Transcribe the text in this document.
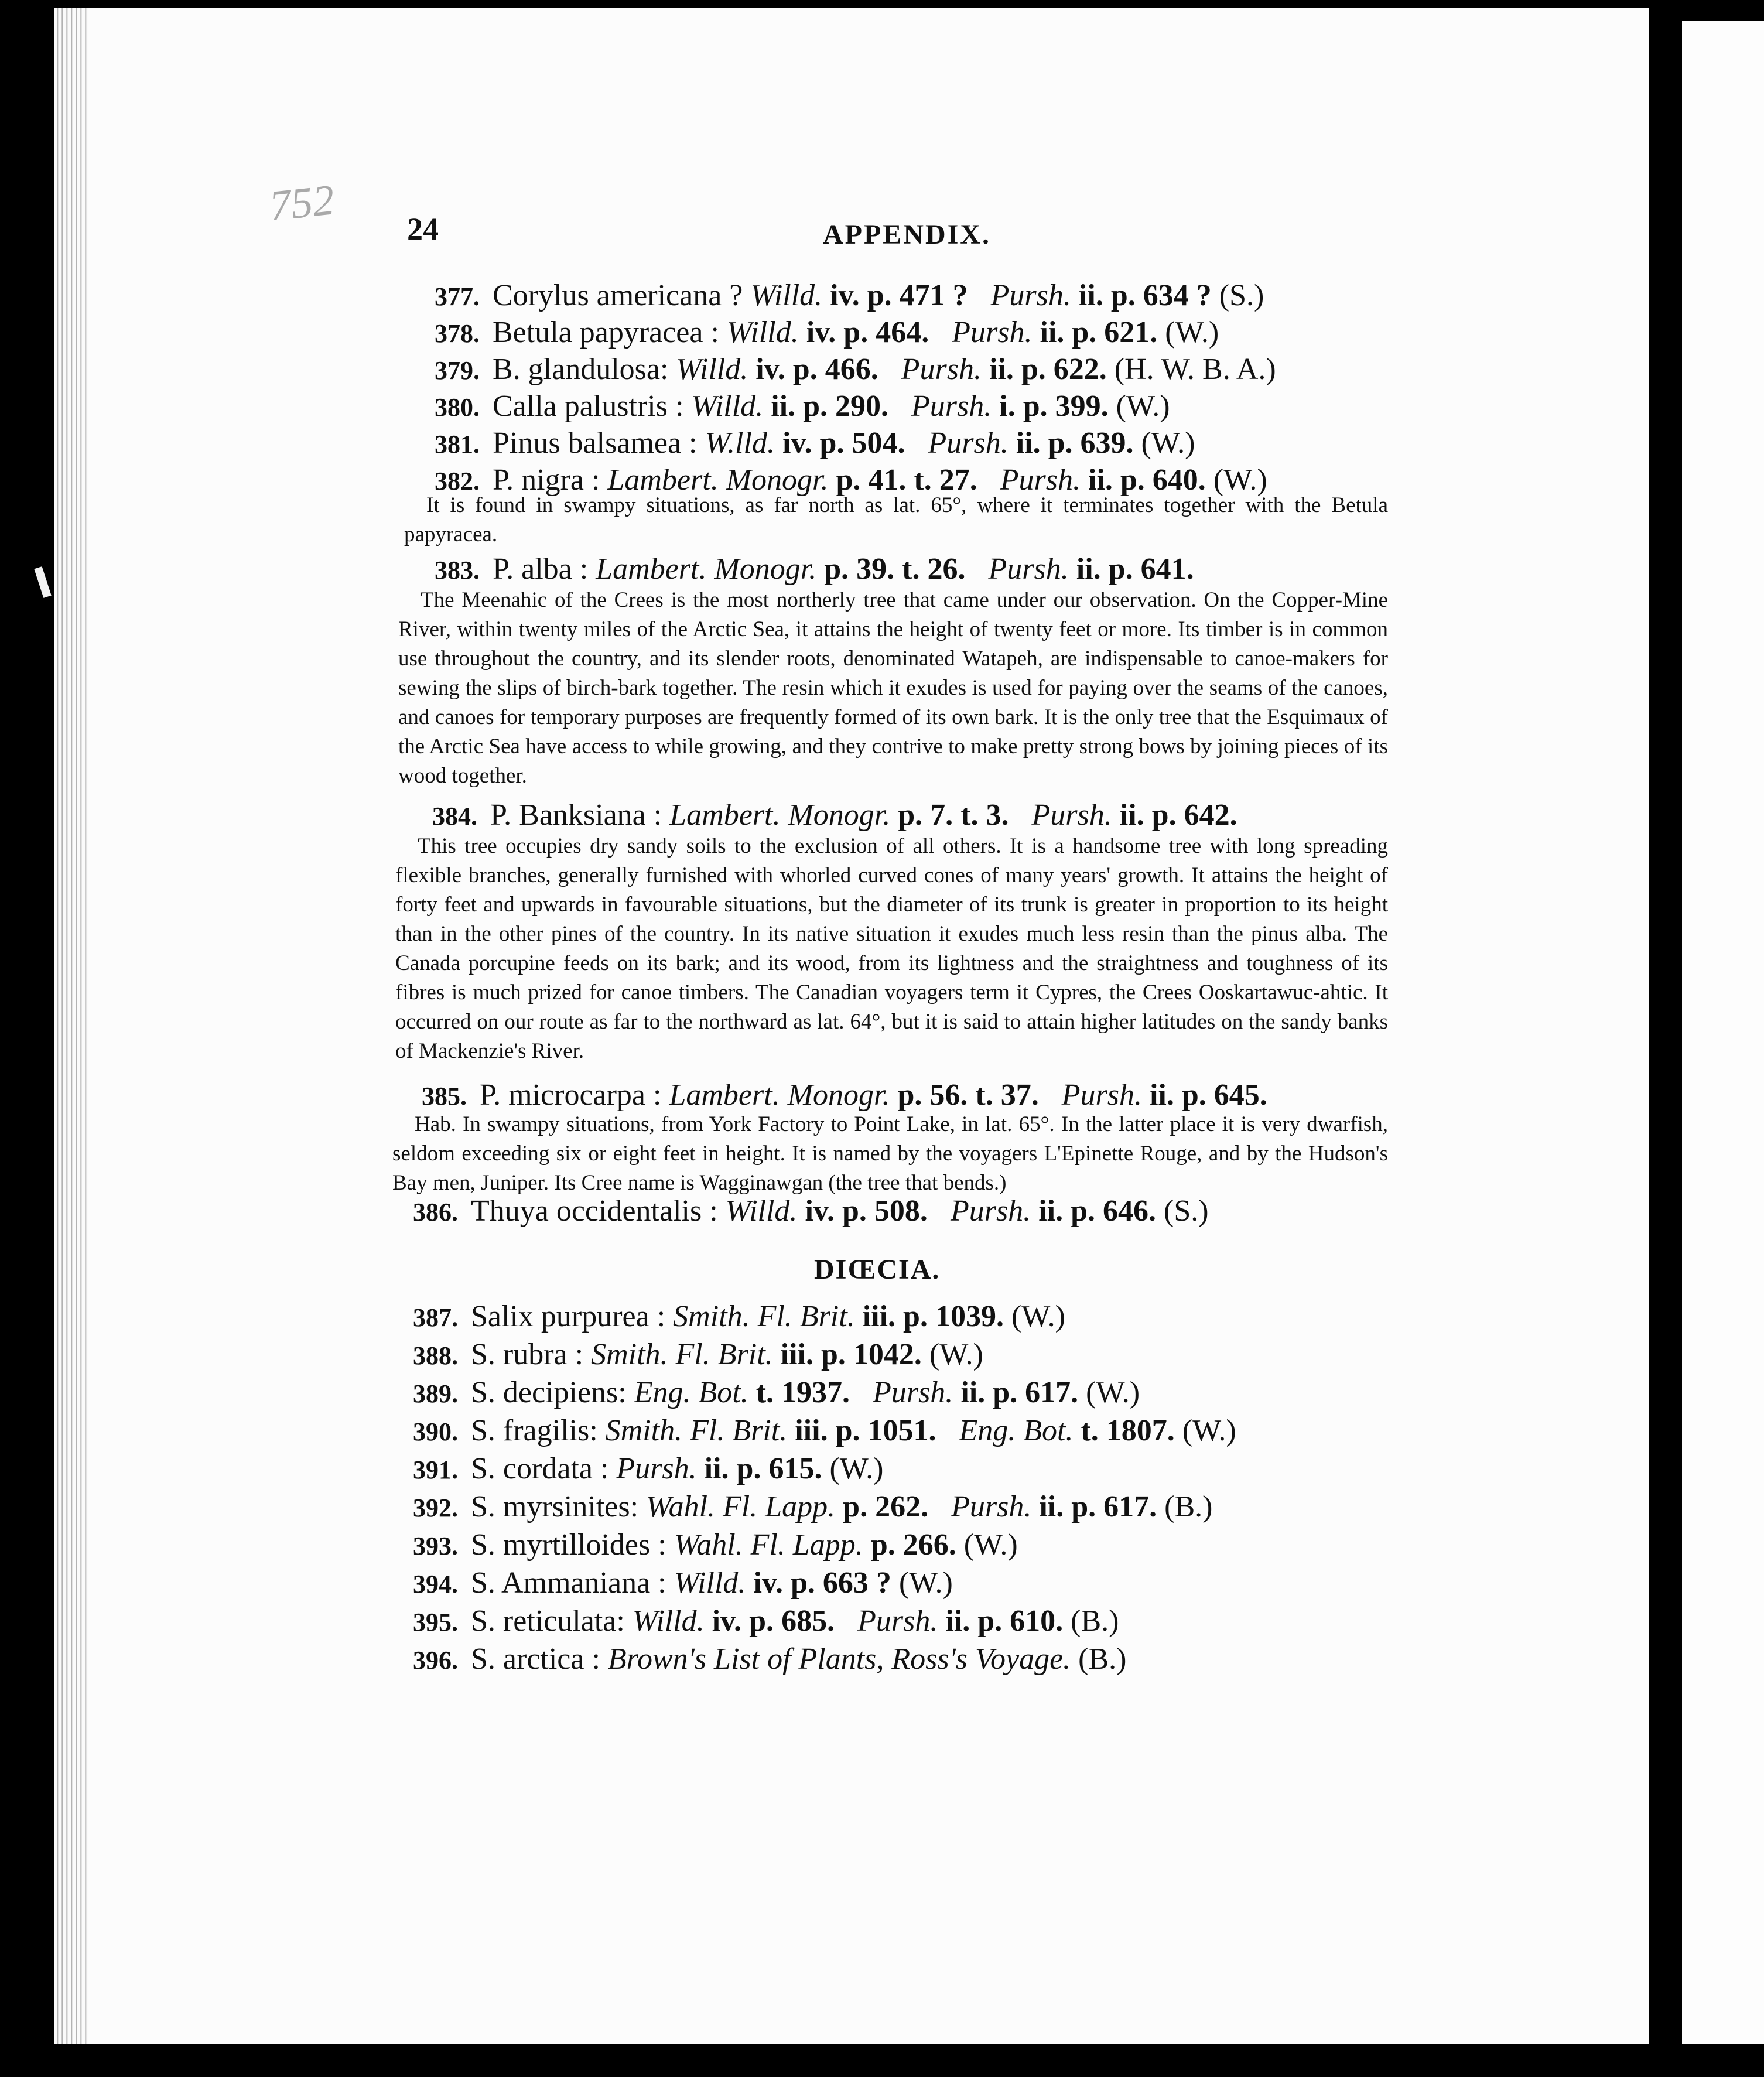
752 24	APPENDIX.
377. Corylus americana ? Willd. iv. p. 471 ? Pursh. ii. p. 634 ? (S.)
378. Betula papyracea : Willd. iv. p. 464. Pursh. ii. p. 621. (W.)
379. B. glandulosa: Willd. iv. p. 466. Pursh. ii. p. 622. (H. W. B. A.)
380. Calla palustris : Willd. ii. p. 290. Pursh. i. p. 399. (W.)
381. Pinus balsamea : W.lld. iv. p. 504. Pursh. ii. p. 639. (W.)
382. P. nigra : Lambert. Monogr. p. 41. t. 27. Pursh. ii. p. 640. (W.)
It is found in swampy situations, as far north as lat. 65°, where it terminates together with the Betula papyracea.
383. P. alba : Lambert. Monogr. p. 39. t. 26. Pursh. ii. p. 641.
The Meenahic of the Crees is the most northerly tree that came under our observation. On the Copper-Mine River, within twenty miles of the Arctic Sea, it attains the height of twenty feet or more. Its timber is in common use throughout the country, and its slender roots, denominated Watapeh, are indispensable to canoe-makers for sewing the slips of birch-bark together. The resin which it exudes is used for paying over the seams of the canoes, and canoes for temporary purposes are frequently formed of its own bark. It is the only tree that the Esquimaux of the Arctic Sea have access to while growing, and they contrive to make pretty strong bows by joining pieces of its wood together.
384. P. Banksiana : Lambert. Monogr. p. 7. t. 3. Pursh. ii. p. 642.
This tree occupies dry sandy soils to the exclusion of all others. It is a handsome tree with long spreading flexible branches, generally furnished with whorled curved cones of many years' growth. It attains the height of forty feet and upwards in favourable situations, but the diameter of its trunk is greater in proportion to its height than in the other pines of the country. In its native situation it exudes much less resin than the pinus alba. The Canada porcupine feeds on its bark; and its wood, from its lightness and the straightness and toughness of its fibres is much prized for canoe timbers. The Canadian voyagers term it Cypres, the Crees Ooskartawuc-ahtic. It occurred on our route as far to the northward as lat. 64°, but it is said to attain higher latitudes on the sandy banks of Mackenzie's River.
385. P. microcarpa : Lambert. Monogr. p. 56. t. 37. Pursh. ii. p. 645.
Hab. In swampy situations, from York Factory to Point Lake, in lat. 65°. In the latter place it is very dwarfish, seldom exceeding six or eight feet in height. It is named by the voyagers L'Epinette Rouge, and by the Hudson's Bay men, Juniper. Its Cree name is Wagginawgan (the tree that bends.)
386. Thuya occidentalis : Willd. iv. p. 508. Pursh. ii. p. 646. (S.)
DIŒCIA.
387. Salix purpurea : Smith. Fl. Brit. iii. p. 1039. (W.)
388. S. rubra : Smith. Fl. Brit. iii. p. 1042. (W.)
389. S. decipiens: Eng. Bot. t. 1937. Pursh. ii. p. 617. (W.)
390. S. fragilis: Smith. Fl. Brit. iii. p. 1051. Eng. Bot. t. 1807. (W.)
391. S. cordata : Pursh. ii. p. 615. (W.)
392. S. myrsinites: Wahl. Fl. Lapp. p. 262. Pursh. ii. p. 617. (B.)
393. S. myrtilloides : Wahl. Fl. Lapp. p. 266. (W.)
394. S. Ammaniana : Willd. iv. p. 663 ? (W.)
395. S. reticulata: Willd. iv. p. 685. Pursh. ii. p. 610. (B.)
396. S. arctica : Brown's List of Plants, Ross's Voyage. (B.)
